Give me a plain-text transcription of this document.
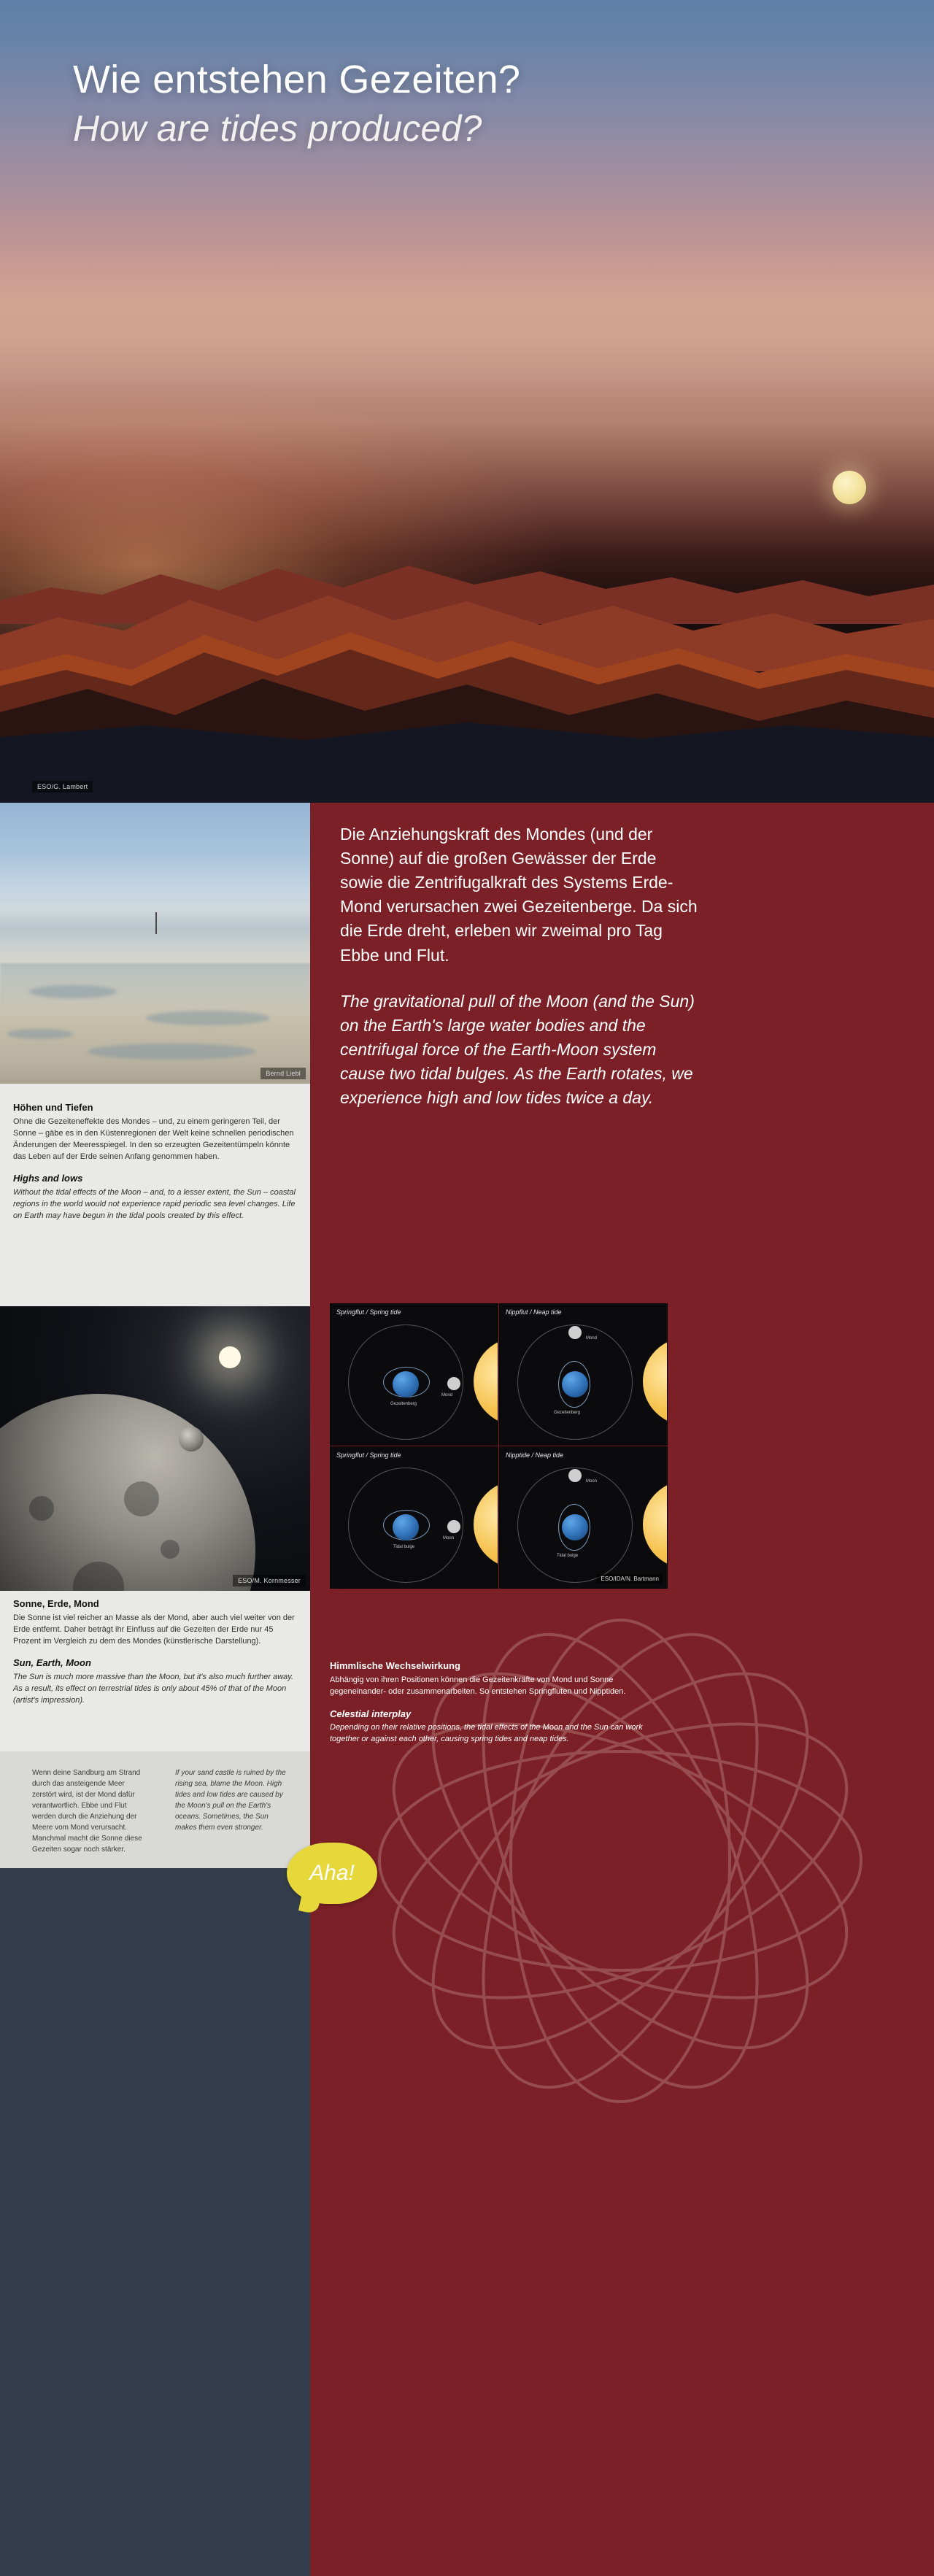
Wie entstehen Gezeiten?

How are tides produced?

ESO/G. Lambert
Bernd Liebl

Die Anziehungskraft des Mondes (und der Sonne) auf die großen Gewässer der Erde sowie die Zentrifugalkraft des Systems Erde-Mond verursachen zwei Gezeitenberge. Da sich die Erde dreht, erleben wir zweimal pro Tag Ebbe und Flut.

The gravitational pull of the Moon (and the Sun) on the Earth's large water bodies and the centrifugal force of the Earth-Moon system cause two tidal bulges. As the Earth rotates, we experience high and low tides twice a day.

Höhen und Tiefen

Ohne die Gezeiteneffekte des Mondes – und, zu einem geringeren Teil, der Sonne – gäbe es in den Küstenregionen der Welt keine schnellen periodischen Änderungen der Meeresspiegel. In den so erzeugten Gezeitentümpeln könnte das Leben auf der Erde seinen Anfang genommen haben.

Highs and lows

Without the tidal effects of the Moon – and, to a lesser extent, the Sun – coastal regions in the world would not experience rapid periodic sea level changes. Life on Earth may have begun in the tidal pools created by this effect.

ESO/M. Kornmesser
Springflut / Spring tide
Gezeitenberg
Mond
Nippflut / Neap tide
Mond
Gezeitenberg
Springflut / Spring tide
Tidal bulge
Moon
Nipptide / Neap tide
Moon
Tidal bulge
ESO/IDA/N. Bartmann
Sonne, Erde, Mond

Die Sonne ist viel reicher an Masse als der Mond, aber auch viel weiter von der Erde entfernt. Daher beträgt ihr Einfluss auf die Gezeiten der Erde nur 45 Prozent im Vergleich zu dem des Mondes (künstlerische Darstellung).

Sun, Earth, Moon

The Sun is much more massive than the Moon, but it's also much further away. As a result, its effect on terrestrial tides is only about 45% of that of the Moon (artist's impression).

Himmlische Wechselwirkung

Abhängig von ihren Positionen können die Gezeitenkräfte von Mond und Sonne gegeneinander- oder zusammenarbeiten. So entstehen Springfluten und Nipptiden.

Celestial interplay

Depending on their relative positions, the tidal effects of the Moon and the Sun can work together or against each other, causing spring tides and neap tides.

Wenn deine Sandburg am Strand durch das ansteigende Meer zerstört wird, ist der Mond dafür verantwortlich. Ebbe und Flut werden durch die Anziehung der Meere vom Mond verursacht. Manchmal macht die Sonne diese Gezeiten sogar noch stärker.
If your sand castle is ruined by the rising sea, blame the Moon. High tides and low tides are caused by the Moon's pull on the Earth's oceans. Sometimes, the Sun makes them even stronger.
Aha!
